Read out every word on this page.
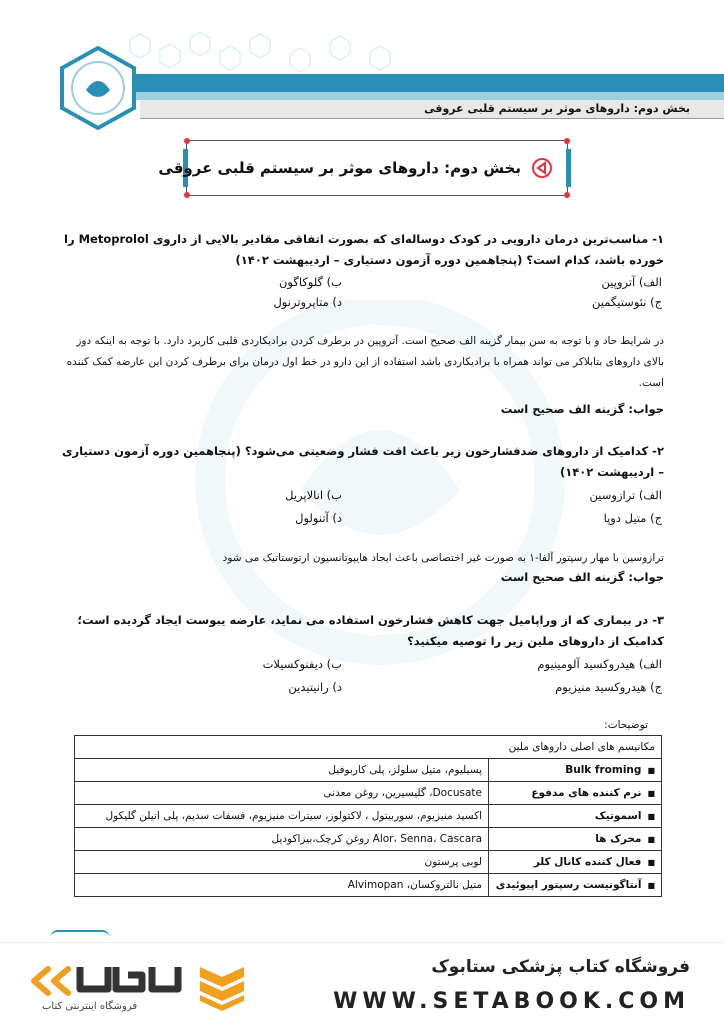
بخش دوم: داروهای موثر بر سیستم قلبی عروقی
بخش دوم: داروهای موثر بر سیستم قلبی عروقی
۱- مناسب‌ترین درمان دارویی در کودک دوساله‌ای که بصورت اتفاقی مقادیر بالایی از داروی Metoprolol را خورده باشد، کدام است؟ (پنجاهمین دوره آزمون دستیاری – اردیبهشت ۱۴۰۲)
الف) آتروپین
ب) گلوکاگون
ج) نئوستیگمین
د) متاپروترنول
در شرایط حاد و با توجه به سن بیمار گزینه الف صحیح است. آتروپین در برطرف کردن برادیکاردی قلبی کاربرد دارد. با توجه به اینکه دوز بالای داروهای بتابلاکر می تواند همراه با برادیکاردی باشد استفاده از این دارو در خط اول درمان برای برطرف کردن این عارضه کمک کننده است.
جواب: گزینه الف صحیح است
۲- کدامیک از داروهای ضدفشارخون زیر باعث افت فشار وضعیتی می‌شود؟ (پنجاهمین دوره آزمون دستیاری – اردیبهشت ۱۴۰۲)
الف) ترازوسین
ب) انالاپریل
ج) متیل دوپا
د) آتنولول
ترازوسین با مهار رسپتور آلفا-۱ به صورت غیر اختصاصی باعث ایجاد هایپوتانسیون ارتوستاتیک می شود
جواب: گزینه الف صحیح است
۳- در بیماری که از وراپامیل جهت کاهش فشارخون استفاده می نماید، عارضه یبوست ایجاد گردیده است؛ کدامیک از داروهای ملین زیر را توصیه میکنید؟
الف) هیدروکسید آلومینیوم
ب) دیفنوکسیلات
ج) هیدروکسید منیزیوم
د) رانیتیدین
توضیحات:
مکانیسم های اصلی داروهای ملین	
■Bulk froming	پسیلیوم، متیل سلولز، پلی کاربوفیل
■نرم کننده های مدفوع	Docusate، گلیسیرین، روغن معدنی
■اسموتیک	اکسید منیزیوم، سوربیتول ، لاکتولوز، سیترات منیزیوم، فسفات سدیم، پلی اتیلن گلیکول
■محرک ها	Alor، Senna، Cascara روغن کرچک،بیزاکودیل
■فعال کننده کانال کلر	لوبی پرستون
■آنتاگونیست رسپتور اپیوئیدی	متیل نالتروکسان، Alvimopan
فروشگاه اینترنتی کتاب
فروشگاه کتاب پزشکی ستابوک
WWW.SETABOOK.COM
